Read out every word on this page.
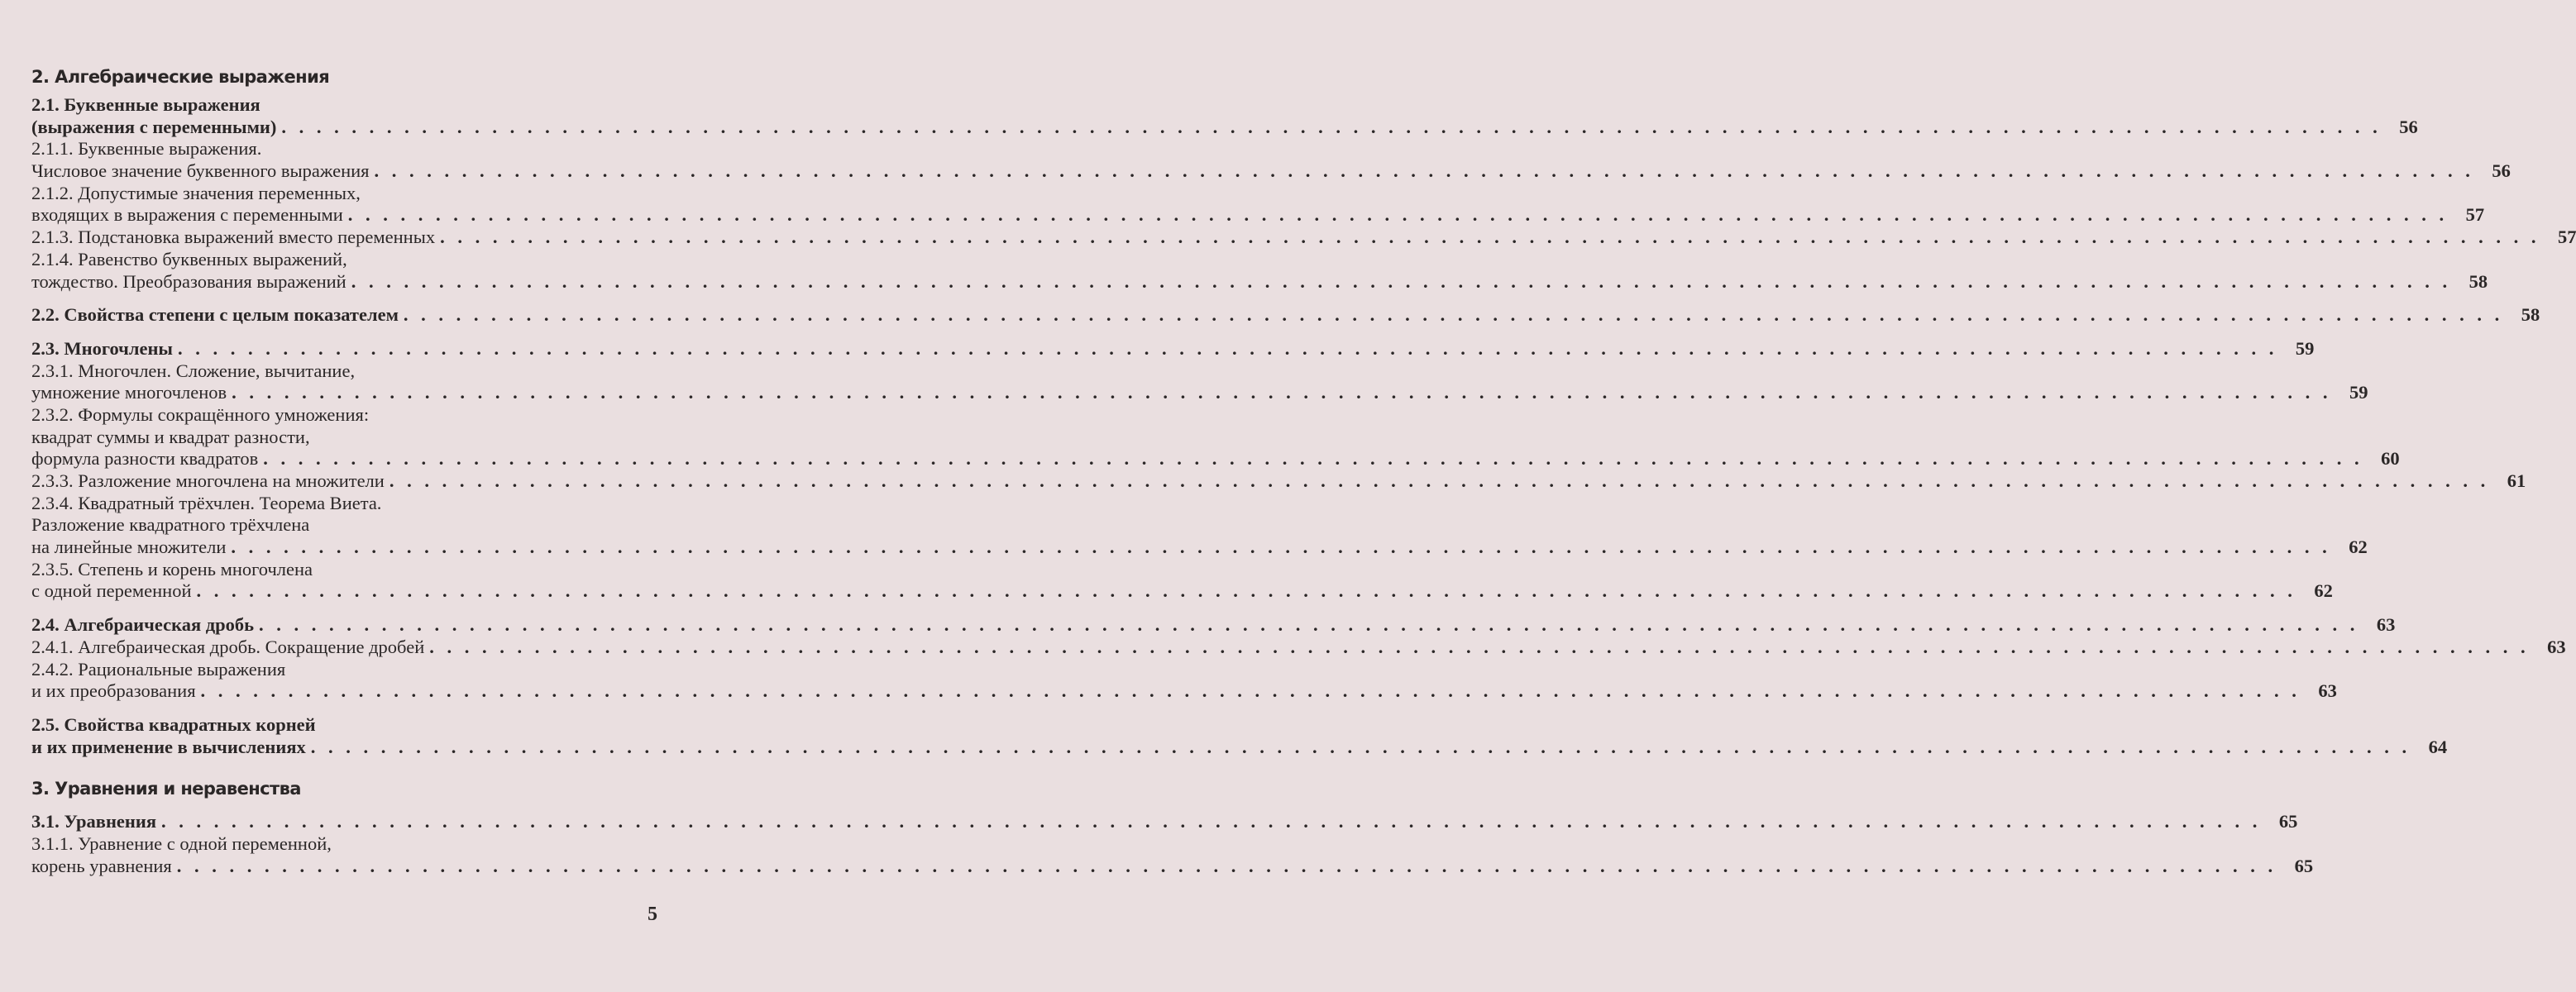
2. Алгебраические выражения
2.1. Буквенные выражения
(выражения с переменными) . . . . . . . . . . . . . . . . . . . . . . . . . . . . . . . . . . . . . . . . . . . . . . . . . . . . . . . . . . . . . . . . . . . . . . . . . . . . . . . . . . . . . . . . . . . . . . . . . . . . . . . . . . . . . . . . . . . . . . . . 56
2.1.1. Буквенные выражения.
Числовое значение буквенного выражения . . . . . . . . . . . . . . . . . . . . . . . . . . . . . . . . . . . . . . . . . . . . . . . . . . . . . . . . . . . . . . . . . . . . . . . . . . . . . . . . . . . . . . . . . . . . . . . . . . . . . . . . . . . . . . . . . . . . . . . . 56
2.1.2. Допустимые значения переменных,
входящих в выражения с переменными . . . . . . . . . . . . . . . . . . . . . . . . . . . . . . . . . . . . . . . . . . . . . . . . . . . . . . . . . . . . . . . . . . . . . . . . . . . . . . . . . . . . . . . . . . . . . . . . . . . . . . . . . . . . . . . . . . . . . . . . 57
2.1.3. Подстановка выражений вместо переменных . . . . . . . . . . . . . . . . . . . . . . . . . . . . . . . . . . . . . . . . . . . . . . . . . . . . . . . . . . . . . . . . . . . . . . . . . . . . . . . . . . . . . . . . . . . . . . . . . . . . . . . . . . . . . . . . . . . . . . . . 57
2.1.4. Равенство буквенных выражений,
тождество. Преобразования выражений . . . . . . . . . . . . . . . . . . . . . . . . . . . . . . . . . . . . . . . . . . . . . . . . . . . . . . . . . . . . . . . . . . . . . . . . . . . . . . . . . . . . . . . . . . . . . . . . . . . . . . . . . . . . . . . . . . . . . . . . 58
2.2. Свойства степени с целым показателем . . . . . . . . . . . . . . . . . . . . . . . . . . . . . . . . . . . . . . . . . . . . . . . . . . . . . . . . . . . . . . . . . . . . . . . . . . . . . . . . . . . . . . . . . . . . . . . . . . . . . . . . . . . . . . . . . . . . . . . . 58
2.3. Многочлены . . . . . . . . . . . . . . . . . . . . . . . . . . . . . . . . . . . . . . . . . . . . . . . . . . . . . . . . . . . . . . . . . . . . . . . . . . . . . . . . . . . . . . . . . . . . . . . . . . . . . . . . . . . . . . . . . . . . . . . . 59
2.3.1. Многочлен. Сложение, вычитание,
умножение многочленов . . . . . . . . . . . . . . . . . . . . . . . . . . . . . . . . . . . . . . . . . . . . . . . . . . . . . . . . . . . . . . . . . . . . . . . . . . . . . . . . . . . . . . . . . . . . . . . . . . . . . . . . . . . . . . . . . . . . . . . . 59
2.3.2. Формулы сокращённого умножения:
квадрат суммы и квадрат разности,
формула разности квадратов . . . . . . . . . . . . . . . . . . . . . . . . . . . . . . . . . . . . . . . . . . . . . . . . . . . . . . . . . . . . . . . . . . . . . . . . . . . . . . . . . . . . . . . . . . . . . . . . . . . . . . . . . . . . . . . . . . . . . . . . 60
2.3.3. Разложение многочлена на множители . . . . . . . . . . . . . . . . . . . . . . . . . . . . . . . . . . . . . . . . . . . . . . . . . . . . . . . . . . . . . . . . . . . . . . . . . . . . . . . . . . . . . . . . . . . . . . . . . . . . . . . . . . . . . . . . . . . . . . . . 61
2.3.4. Квадратный трёхчлен. Теорема Виета.
Разложение квадратного трёхчлена
на линейные множители . . . . . . . . . . . . . . . . . . . . . . . . . . . . . . . . . . . . . . . . . . . . . . . . . . . . . . . . . . . . . . . . . . . . . . . . . . . . . . . . . . . . . . . . . . . . . . . . . . . . . . . . . . . . . . . . . . . . . . . . 62
2.3.5. Степень и корень многочлена
с одной переменной . . . . . . . . . . . . . . . . . . . . . . . . . . . . . . . . . . . . . . . . . . . . . . . . . . . . . . . . . . . . . . . . . . . . . . . . . . . . . . . . . . . . . . . . . . . . . . . . . . . . . . . . . . . . . . . . . . . . . . . . 62
2.4. Алгебраическая дробь . . . . . . . . . . . . . . . . . . . . . . . . . . . . . . . . . . . . . . . . . . . . . . . . . . . . . . . . . . . . . . . . . . . . . . . . . . . . . . . . . . . . . . . . . . . . . . . . . . . . . . . . . . . . . . . . . . . . . . . . 63
2.4.1. Алгебраическая дробь. Сокращение дробей . . . . . . . . . . . . . . . . . . . . . . . . . . . . . . . . . . . . . . . . . . . . . . . . . . . . . . . . . . . . . . . . . . . . . . . . . . . . . . . . . . . . . . . . . . . . . . . . . . . . . . . . . . . . . . . . . . . . . . . . 63
2.4.2. Рациональные выражения
и их преобразования . . . . . . . . . . . . . . . . . . . . . . . . . . . . . . . . . . . . . . . . . . . . . . . . . . . . . . . . . . . . . . . . . . . . . . . . . . . . . . . . . . . . . . . . . . . . . . . . . . . . . . . . . . . . . . . . . . . . . . . . 63
2.5. Свойства квадратных корней
и их применение в вычислениях . . . . . . . . . . . . . . . . . . . . . . . . . . . . . . . . . . . . . . . . . . . . . . . . . . . . . . . . . . . . . . . . . . . . . . . . . . . . . . . . . . . . . . . . . . . . . . . . . . . . . . . . . . . . . . . . . . . . . . . . 64
3. Уравнения и неравенства
3.1. Уравнения . . . . . . . . . . . . . . . . . . . . . . . . . . . . . . . . . . . . . . . . . . . . . . . . . . . . . . . . . . . . . . . . . . . . . . . . . . . . . . . . . . . . . . . . . . . . . . . . . . . . . . . . . . . . . . . . . . . . . . . . 65
3.1.1. Уравнение с одной переменной,
корень уравнения . . . . . . . . . . . . . . . . . . . . . . . . . . . . . . . . . . . . . . . . . . . . . . . . . . . . . . . . . . . . . . . . . . . . . . . . . . . . . . . . . . . . . . . . . . . . . . . . . . . . . . . . . . . . . . . . . . . . . . . . 65
5
